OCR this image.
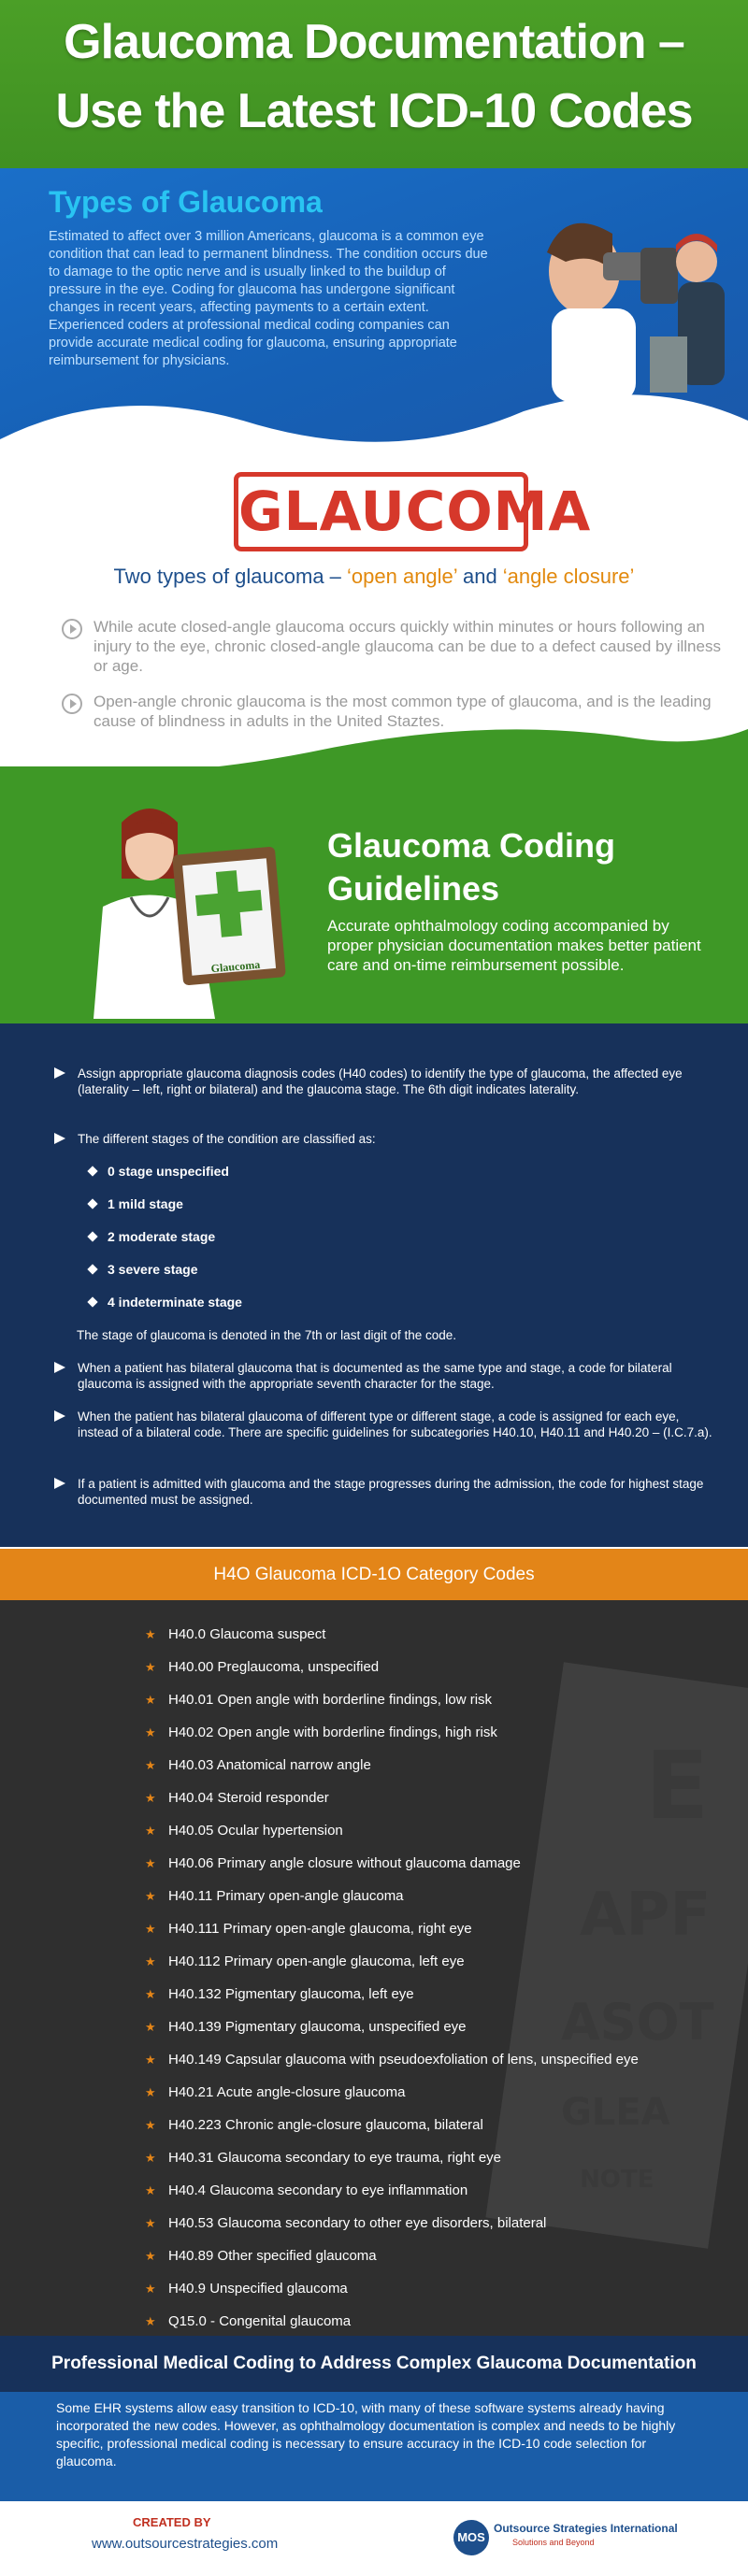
Glaucoma Documentation –
Use the Latest ICD-10 Codes
Types of Glaucoma

Estimated to affect over 3 million Americans, glaucoma is a common eye condition that can lead to permanent blindness. The condition occurs due to damage to the optic nerve and is usually linked to the buildup of pressure in the eye. Coding for glaucoma has undergone significant changes in recent years, affecting payments to a certain extent. Experienced coders at professional medical coding companies can provide accurate medical coding for glaucoma, ensuring appropriate reimbursement for physicians.

GLAUCOMA
Two types of glaucoma – ‘open angle’ and ‘angle closure’
While acute closed-angle glaucoma occurs quickly within minutes or hours following an injury to the eye, chronic closed-angle glaucoma can be due to a defect caused by illness or age.
Open-angle chronic glaucoma is the most common type of glaucoma, and is the leading cause of blindness in adults in the United Staztes.
Glaucoma Coding
Guidelines

Accurate ophthalmology coding accompanied by proper physician documentation makes better patient care and on-time reimbursement possible.

Glaucoma
Assign appropriate glaucoma diagnosis codes (H40 codes) to identify the type of glaucoma, the affected eye (laterality – left, right or bilateral) and the glaucoma stage. The 6th digit indicates laterality.
The different stages of the condition are classified as:
0 stage unspecified
1 mild stage
2 moderate stage
3 severe stage
4 indeterminate stage
The stage of glaucoma is denoted in the 7th or last digit of the code.
When a patient has bilateral glaucoma that is documented as the same type and stage, a code for bilateral glaucoma is assigned with the appropriate seventh character for the stage.
When the patient has bilateral glaucoma of different type or different stage, a code is assigned for each eye, instead of a bilateral code. There are specific guidelines for subcategories H40.10, H40.11 and H40.20 – (I.C.7.a).
If a patient is admitted with glaucoma and the stage progresses during the admission, the code for highest stage documented must be assigned.
H4O Glaucoma ICD-1O Category Codes
E
APF
ASOT
GLEA
NOTE
★ H40.0 Glaucoma suspect
★ H40.00 Preglaucoma, unspecified
★ H40.01 Open angle with borderline findings, low risk
★ H40.02 Open angle with borderline findings, high risk
★ H40.03 Anatomical narrow angle
★ H40.04 Steroid responder
★ H40.05 Ocular hypertension
★ H40.06 Primary angle closure without glaucoma damage
★ H40.11 Primary open-angle glaucoma
★ H40.111 Primary open-angle glaucoma, right eye
★ H40.112 Primary open-angle glaucoma, left eye
★ H40.132 Pigmentary glaucoma, left eye
★ H40.139 Pigmentary glaucoma, unspecified eye
★ H40.149 Capsular glaucoma with pseudoexfoliation of lens, unspecified eye
★ H40.21 Acute angle-closure glaucoma
★ H40.223 Chronic angle-closure glaucoma, bilateral
★ H40.31 Glaucoma secondary to eye trauma, right eye
★ H40.4 Glaucoma secondary to eye inflammation
★ H40.53 Glaucoma secondary to other eye disorders, bilateral
★ H40.89 Other specified glaucoma
★ H40.9 Unspecified glaucoma
★ Q15.0 - Congenital glaucoma
Professional Medical Coding to Address Complex Glaucoma Documentation
Some EHR systems allow easy transition to ICD-10, with many of these software systems already having incorporated the new codes. However, as ophthalmology documentation is complex and needs to be highly specific, professional medical coding is necessary to ensure accuracy in the ICD-10 code selection for glaucoma.
CREATED BY
www.outsourcestrategies.com	MOS
Outsource Strategies International
Solutions and Beyond
